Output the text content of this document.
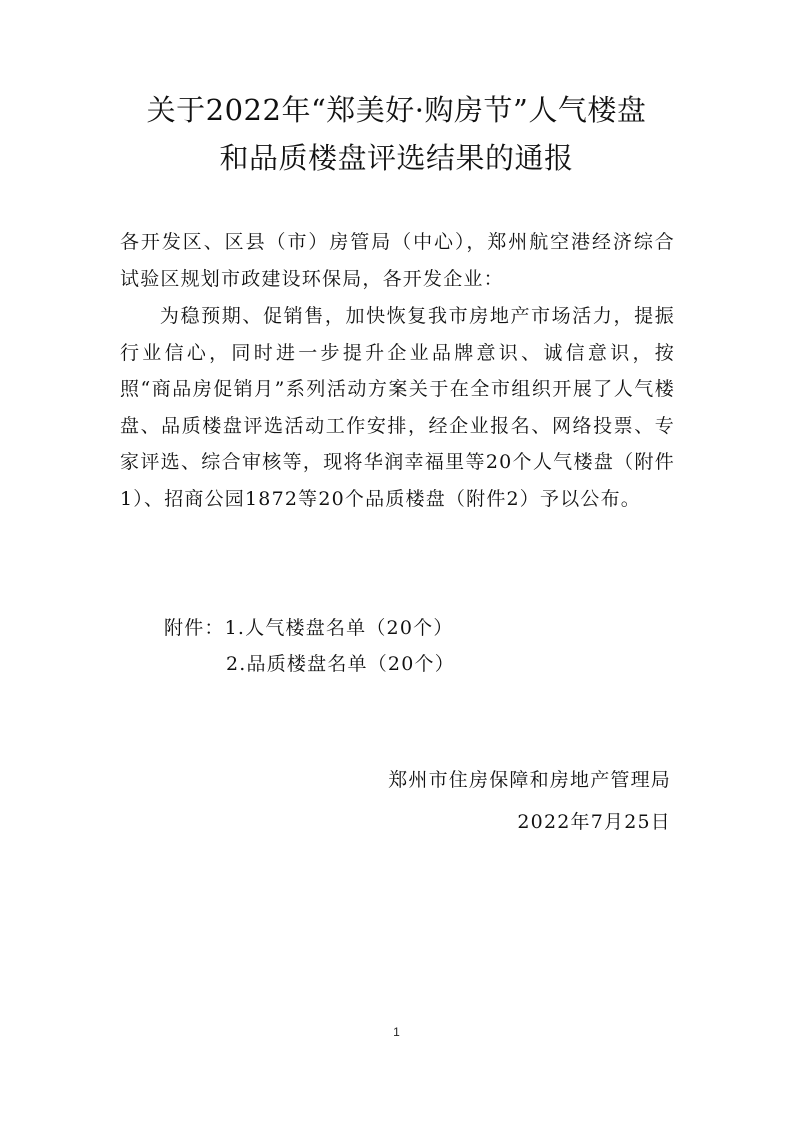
关于2022年“郑美好·购房节”人气楼盘
和品质楼盘评选结果的通报
各开发区、区县（市）房管局（中心），郑州航空港经济综合试验区规划市政建设环保局，各开发企业：
为稳预期、促销售，加快恢复我市房地产市场活力，提振行业信心，同时进一步提升企业品牌意识、诚信意识，按照“商品房促销月”系列活动方案关于在全市组织开展了人气楼盘、品质楼盘评选活动工作安排，经企业报名、网络投票、专家评选、综合审核等，现将华润幸福里等20个人气楼盘（附件1）、招商公园1872等20个品质楼盘（附件2）予以公布。
附件：1.人气楼盘名单（20个）
2.品质楼盘名单（20个）
郑州市住房保障和房地产管理局
2022年7月25日
1
